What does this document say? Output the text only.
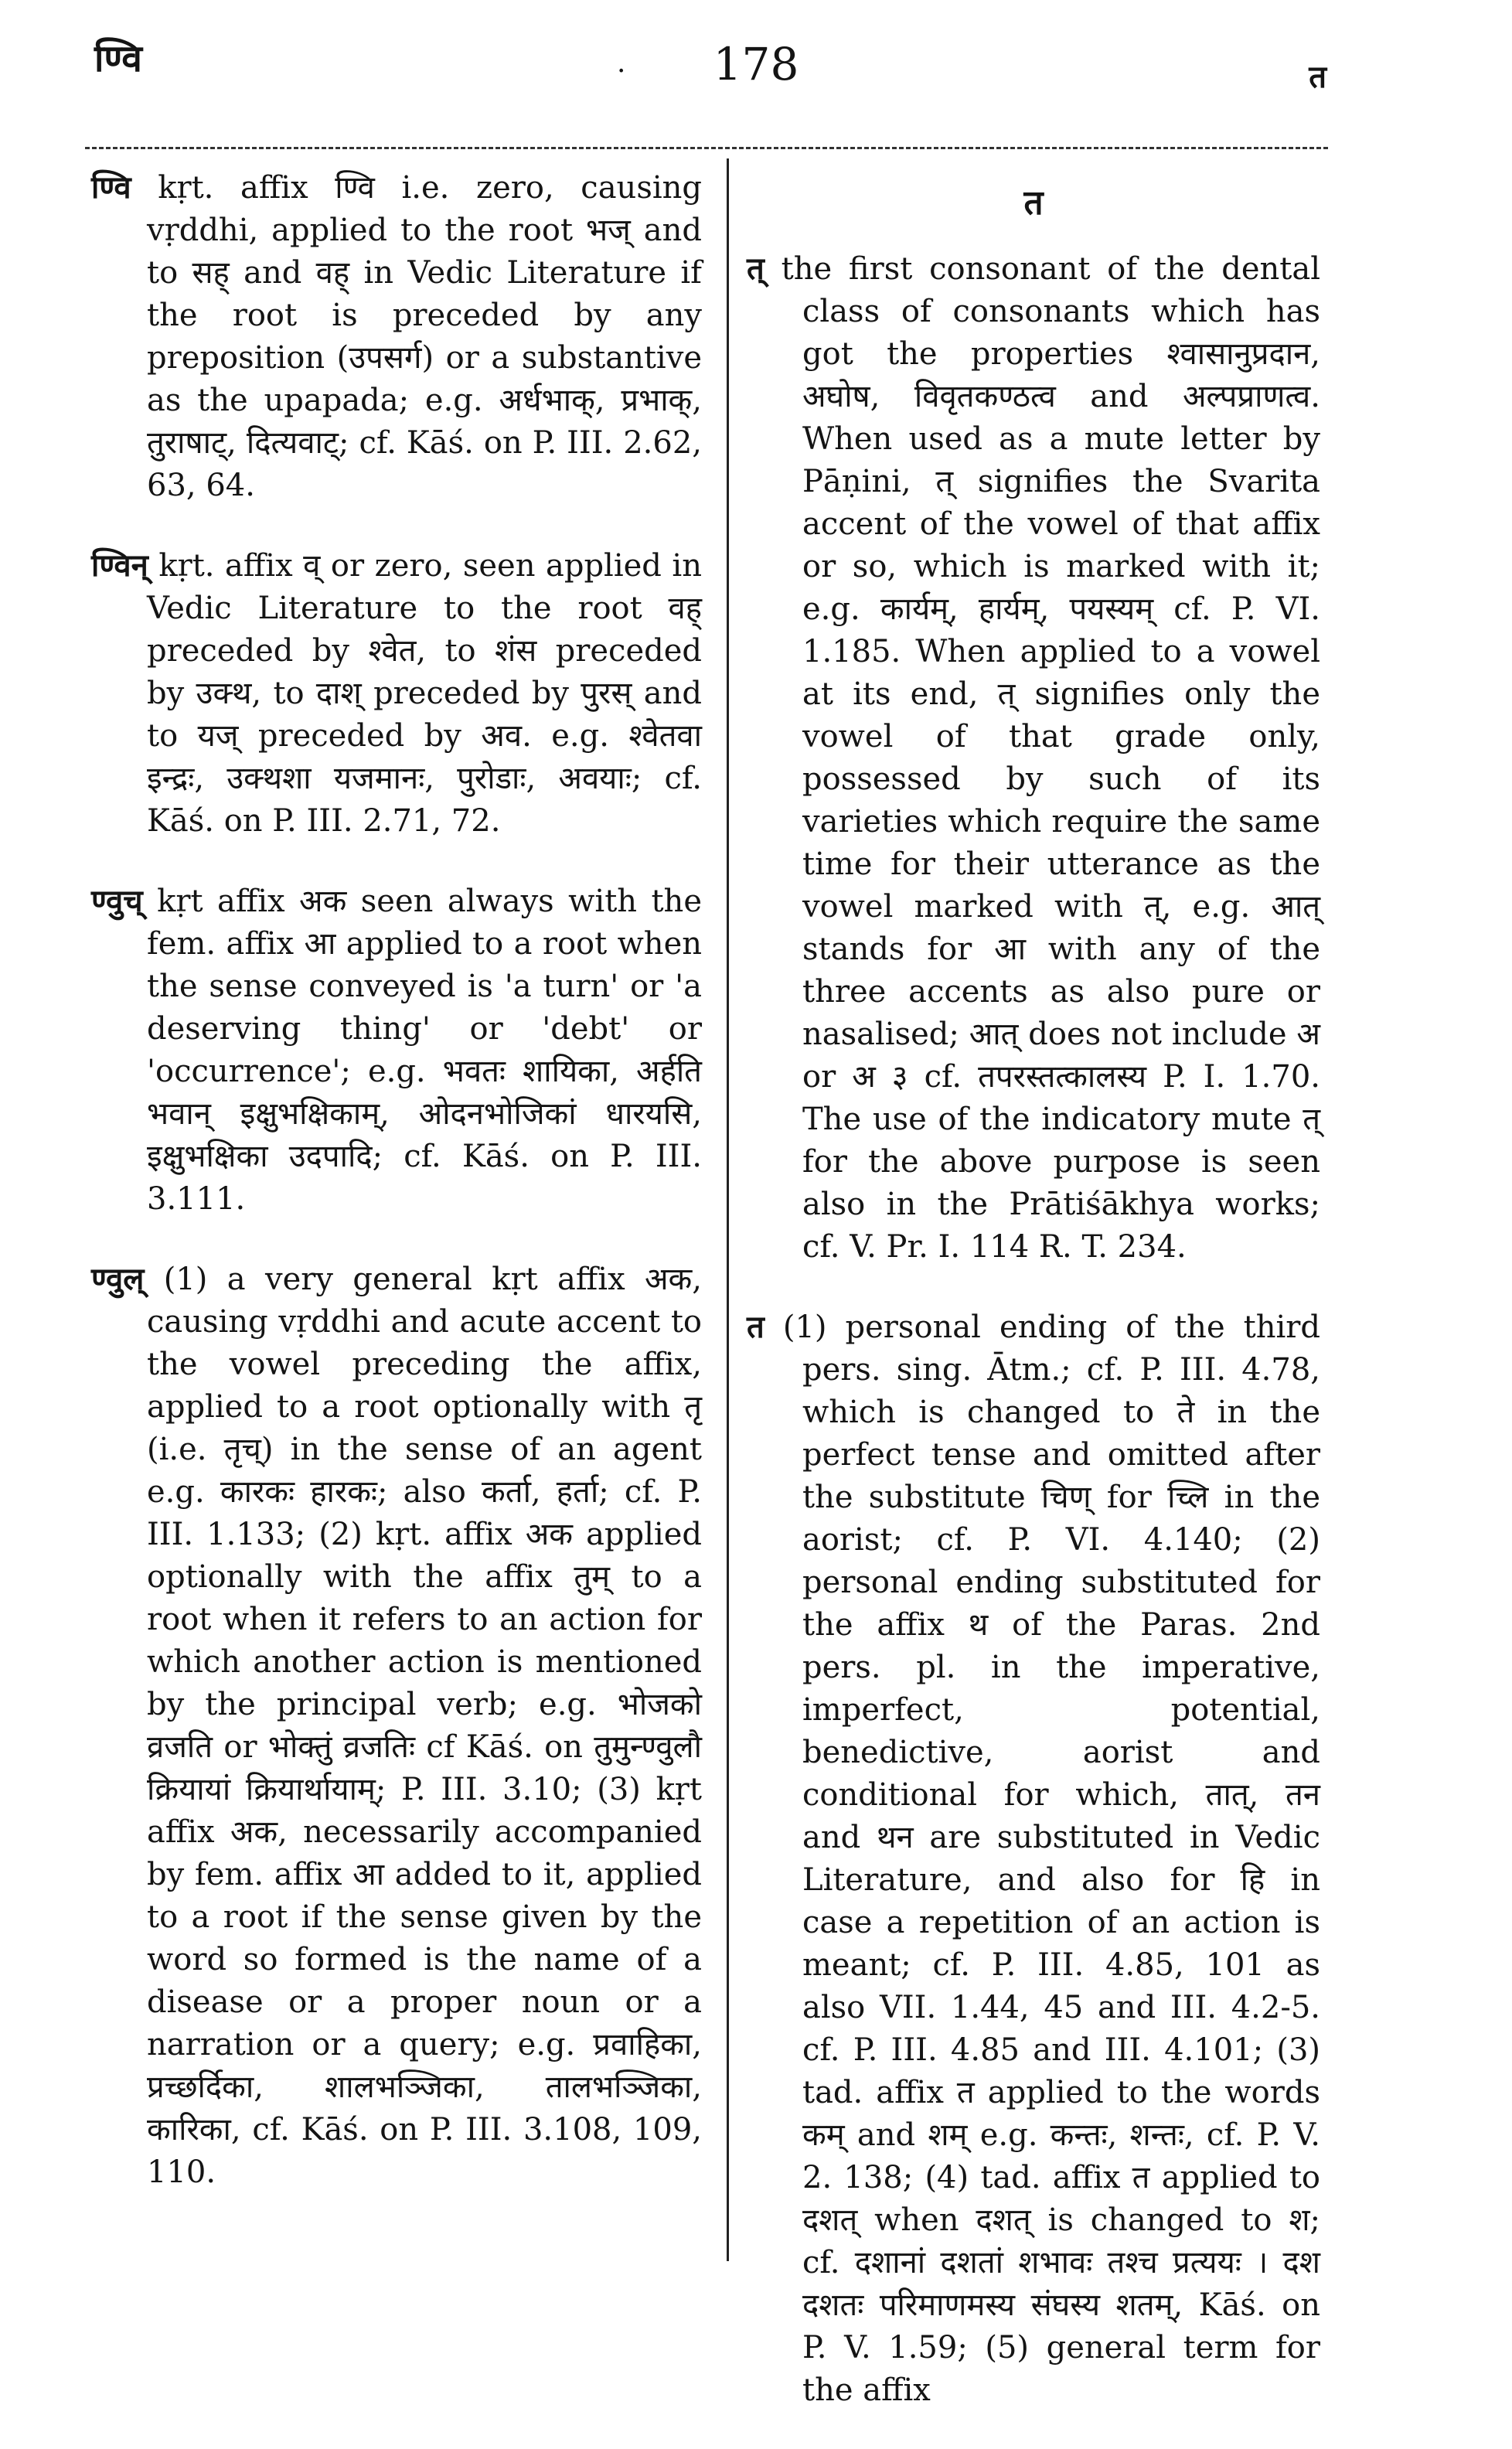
ण्वि	·	178	त

ण्वि kṛt. affix ण्वि i.e. zero, causing vṛddhi, applied to the root भज् and to सह् and वह् in Vedic Literature if the root is preceded by any preposition (उपसर्ग) or a substantive as the upapada; e.g. अर्धभाक्, प्रभाक्, तुराषाट्, दित्यवाट्; cf. Kāś. on P. III. 2.62, 63, 64.

ण्विन् kṛt. affix व् or zero, seen applied in Vedic Literature to the root वह् preceded by श्वेत, to शंस preceded by उक्थ, to दाश् preceded by पुरस् and to यज् preceded by अव. e.g. श्वेतवा इन्द्रः, उक्थशा यजमानः, पुरोडाः, अवयाः; cf. Kāś. on P. III. 2.71, 72.

ण्वुच् kṛt affix अक seen always with the fem. affix आ applied to a root when the sense conveyed is 'a turn' or 'a deserving thing' or 'debt' or 'occurrence'; e.g. भवतः शायिका, अर्हति भवान् इक्षुभक्षिकाम्, ओदनभोजिकां धारयसि, इक्षुभक्षिका उदपादि; cf. Kāś. on P. III. 3.111.

ण्वुल् (1) a very general kṛt affix अक, causing vṛddhi and acute accent to the vowel preceding the affix, applied to a root optionally with तृ (i.e. तृच्) in the sense of an agent e.g. कारकः हारकः; also कर्ता, हर्ता; cf. P. III. 1.133; (2) kṛt. affix अक applied optionally with the affix तुम् to a root when it refers to an action for which another action is mentioned by the principal verb; e.g. भोजको व्रजति or भोक्तुं व्रजतिः cf Kāś. on तुमुन्ण्वुलौ क्रियायां क्रियार्थायाम्; P. III. 3.10; (3) kṛt affix अक, necessarily accompanied by fem. affix आ added to it, applied to a root if the sense given by the word so formed is the name of a disease or a proper noun or a narration or a query; e.g. प्रवाहिका, प्रच्छर्दिका, शालभञ्जिका, तालभञ्जिका, कारिका, cf. Kāś. on P. III. 3.108, 109, 110.

त

त् the first consonant of the dental class of consonants which has got the properties श्वासानुप्रदान, अघोष, विवृतकण्ठत्व and अल्पप्राणत्व. When used as a mute letter by Pāṇini, त् signifies the Svarita accent of the vowel of that affix or so, which is marked with it; e.g. कार्यम्, हार्यम्, पयस्यम् cf. P. VI. 1.185. When applied to a vowel at its end, त् signifies only the vowel of that grade only, possessed by such of its varieties which require the same time for their utterance as the vowel marked with त्, e.g. आत् stands for आ with any of the three accents as also pure or nasalised; आत् does not include अ or अ ३ cf. तपरस्तत्कालस्य P. I. 1.70. The use of the indicatory mute त् for the above purpose is seen also in the Prātiśākhya works; cf. V. Pr. I. 114 R. T. 234.

त (1) personal ending of the third pers. sing. Ātm.; cf. P. III. 4.78, which is changed to ते in the perfect tense and omitted after the substitute चिण् for च्लि in the aorist; cf. P. VI. 4.140; (2) personal ending substituted for the affix थ of the Paras. 2nd pers. pl. in the imperative, imperfect, potential, benedictive, aorist and conditional for which, तात्, तन and थन are substituted in Vedic Literature, and also for हि in case a repetition of an action is meant; cf. P. III. 4.85, 101 as also VII. 1.44, 45 and III. 4.2-5. cf. P. III. 4.85 and III. 4.101; (3) tad. affix त applied to the words कम् and शम् e.g. कन्तः, शन्तः, cf. P. V. 2. 138; (4) tad. affix त applied to दशत् when दशत् is changed to श; cf. दशानां दशतां शभावः तश्च प्रत्ययः । दश दशतः परिमाणमस्य संघस्य शतम्, Kāś. on P. V. 1.59; (5) general term for the affix
